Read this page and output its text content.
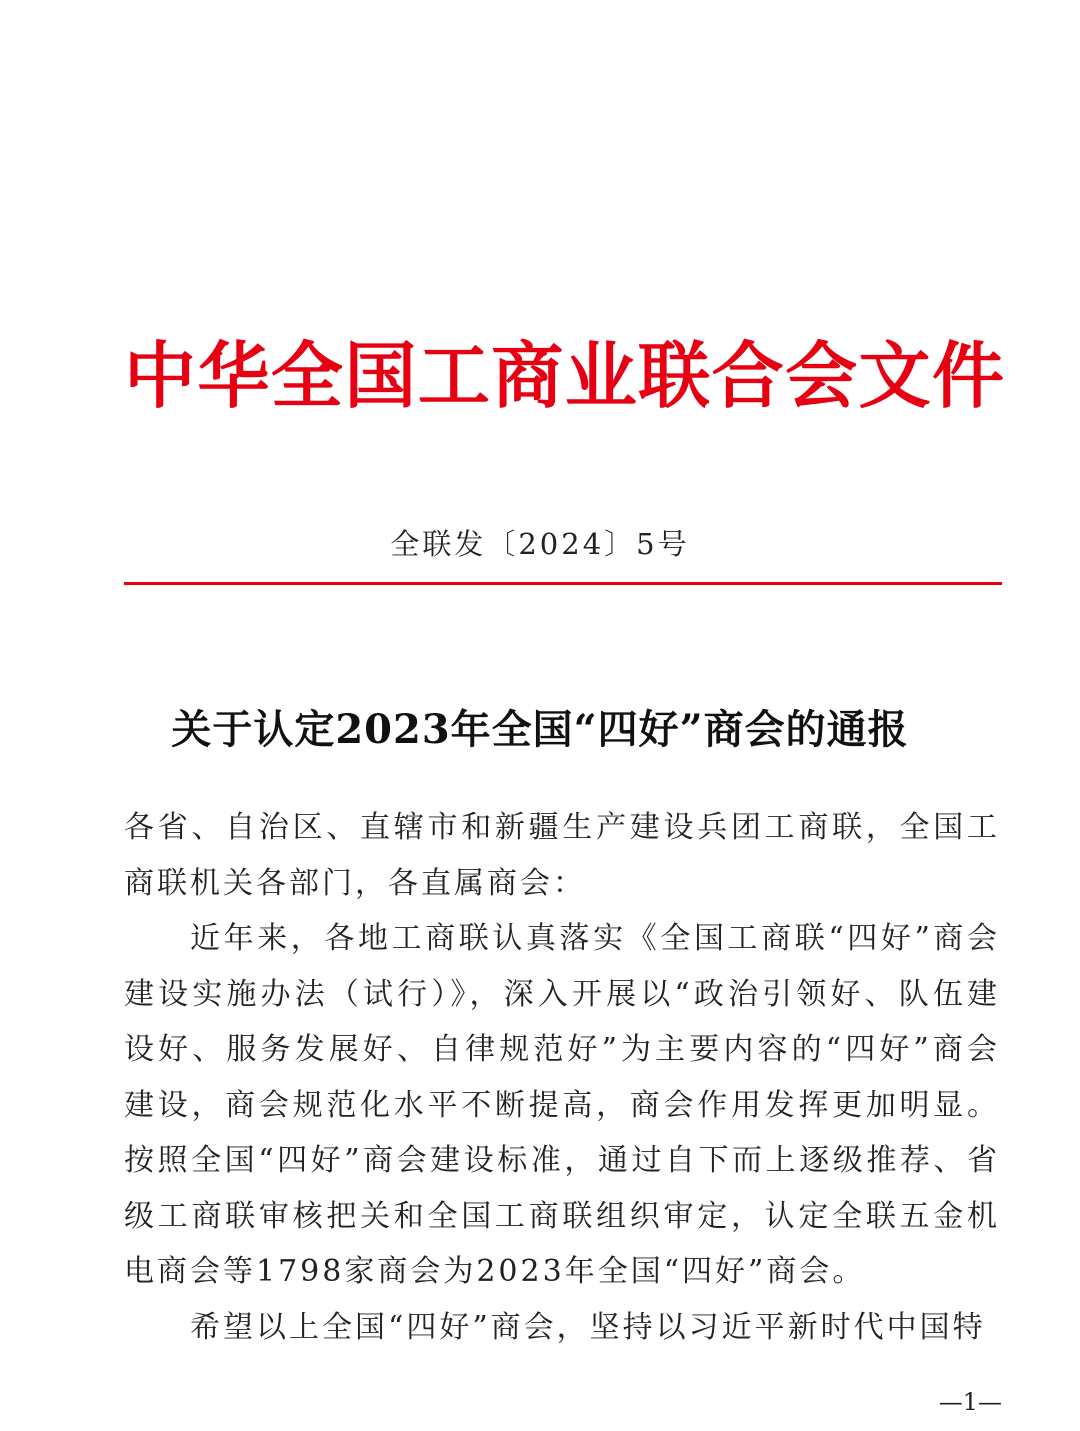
中 华 全 国 工 商 业 联 合 会 文 件
全联发〔2024〕5号
关于认定2023年全国“四好”商会的通报

各省、自治区、直辖市和新疆生产建设兵团工商联，全国工商联机关各部门，各直属商会：

近年来，各地工商联认真落实《全国工商联“四好”商会建设实施办法（试行）》，深入开展以“政治引领好、队伍建设好、服务发展好、自律规范好”为主要内容的“四好”商会建设，商会规范化水平不断提高，商会作用发挥更加明显。按照全国“四好”商会建设标准，通过自下而上逐级推荐、省级工商联审核把关和全国工商联组织审定，认定全联五金机电商会等1798家商会为2023年全国“四好”商会。

希望以上全国“四好”商会，坚持以习近平新时代中国特

—1—
